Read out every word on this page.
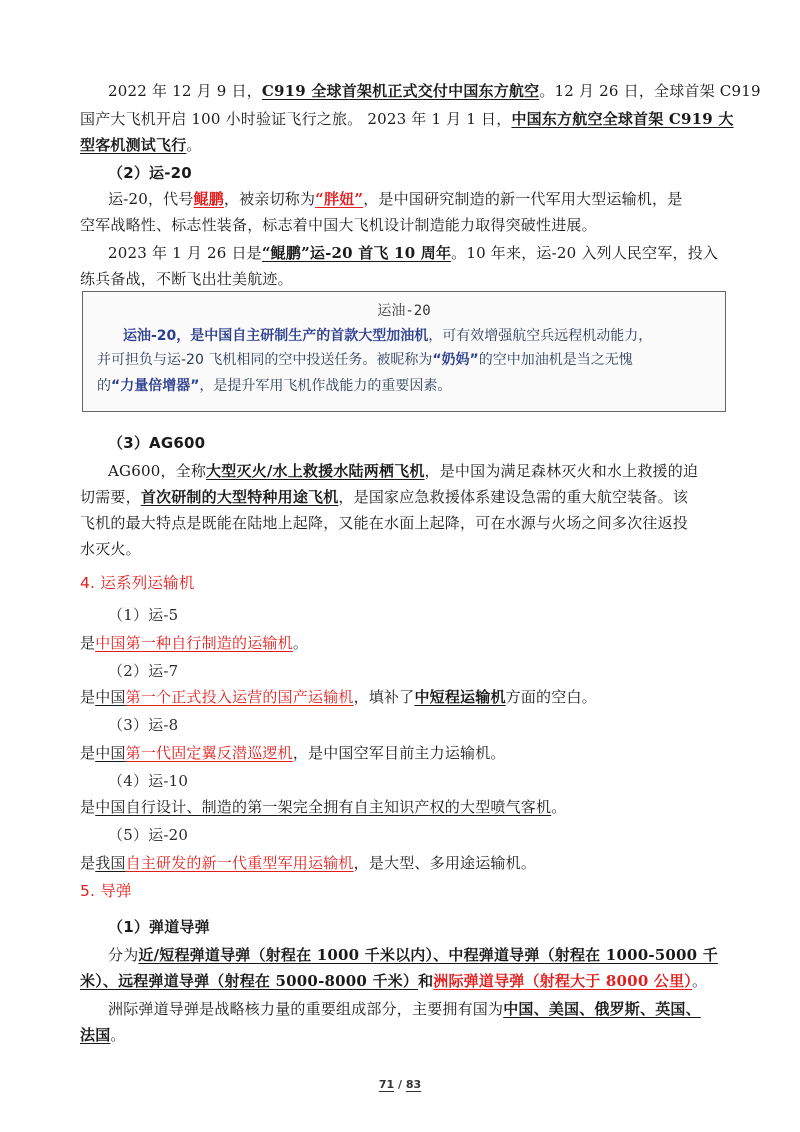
2022 年 12 月 9 日，C919 全球首架机正式交付中国东方航空。12 月 26 日，全球首架 C919
国产大飞机开启 100 小时验证飞行之旅。 2023 年 1 月 1 日，中国东方航空全球首架 C919 大
型客机测试飞行。
（2）运-20
运-20，代号鲲鹏，被亲切称为“胖妞”，是中国研究制造的新一代军用大型运输机，是
空军战略性、标志性装备，标志着中国大飞机设计制造能力取得突破性进展。
2023 年 1 月 26 日是“鲲鹏”运-20 首飞 10 周年。10 年来，运-20 入列人民空军，投入
练兵备战，不断飞出壮美航迹。
运油-20
运油-20，是中国自主研制生产的首款大型加油机，可有效增强航空兵远程机动能力，
并可担负与运-20 飞机相同的空中投送任务。被昵称为“奶妈”的空中加油机是当之无愧
的“力量倍增器”，是提升军用飞机作战能力的重要因素。
（3）AG600
AG600，全称大型灭火/水上救援水陆两栖飞机，是中国为满足森林灭火和水上救援的迫
切需要，首次研制的大型特种用途飞机，是国家应急救援体系建设急需的重大航空装备。该
飞机的最大特点是既能在陆地上起降，又能在水面上起降，可在水源与火场之间多次往返投
水灭火。
4. 运系列运输机
（1）运-5
是中国第一种自行制造的运输机。
（2）运-7
是中国第一个正式投入运营的国产运输机，填补了中短程运输机方面的空白。
（3）运-8
是中国第一代固定翼反潜巡逻机，是中国空军目前主力运输机。
（4）运-10
是中国自行设计、制造的第一架完全拥有自主知识产权的大型喷气客机。
（5）运-20
是我国自主研发的新一代重型军用运输机，是大型、多用途运输机。
5. 导弹
（1）弹道导弹
分为近/短程弹道导弹（射程在 1000 千米以内）、中程弹道导弹（射程在 1000-5000 千
米）、远程弹道导弹（射程在 5000-8000 千米）和洲际弹道导弹（射程大于 8000 公里）。
洲际弹道导弹是战略核力量的重要组成部分，主要拥有国为中国、美国、俄罗斯、英国、
法国。
71 / 83
